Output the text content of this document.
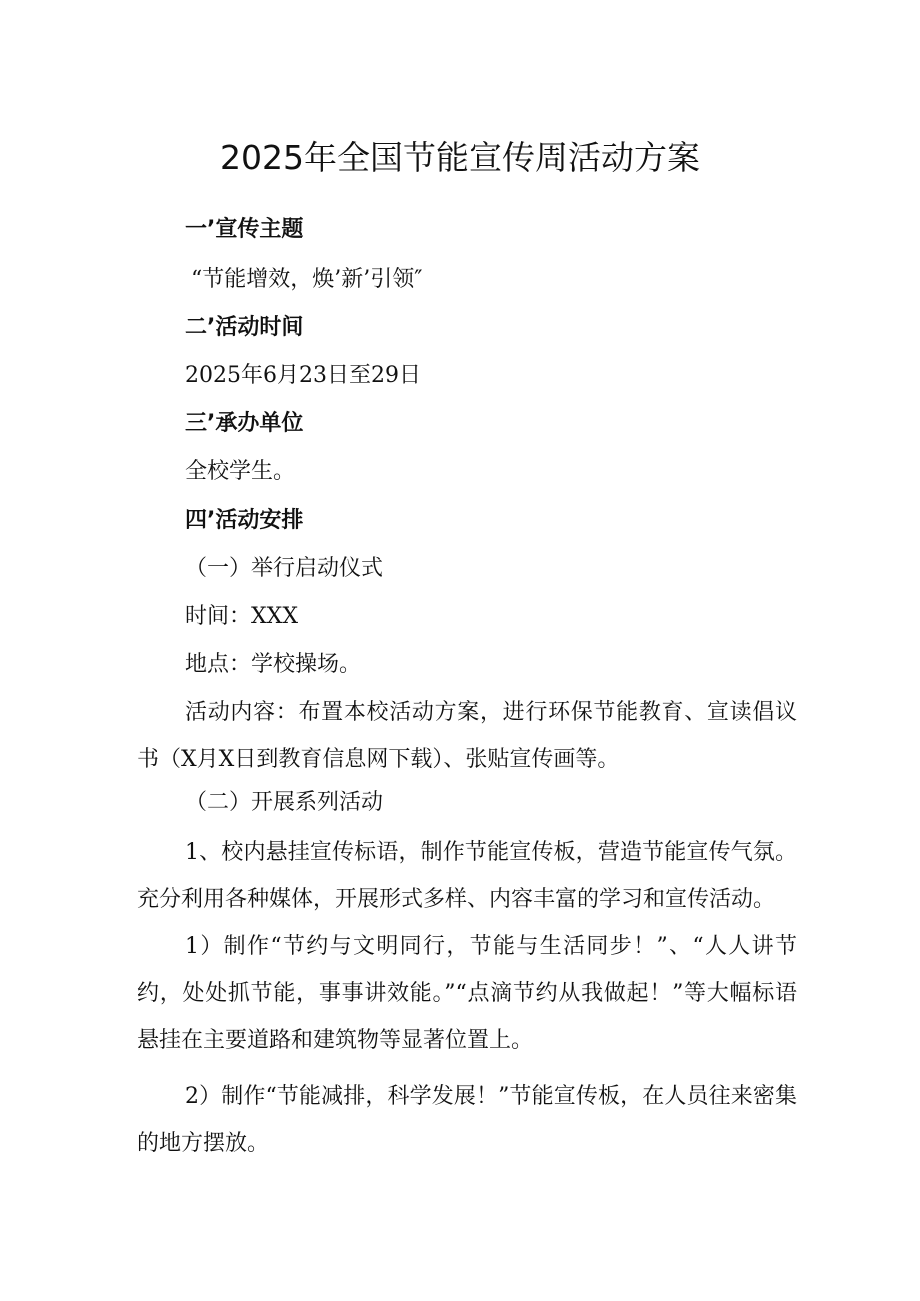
2025年全国节能宣传周活动方案
一’宣传主题
“节能增效，焕’新’引领″
二’活动时间
2025年6月23日至29日
三’承办单位
全校学生。
四’活动安排
（一）举行启动仪式
时间：XXX
地点：学校操场。
活动内容：布置本校活动方案，进行环保节能教育、宣读倡议书（X月X日到教育信息网下载）、张贴宣传画等。
（二）开展系列活动
1、校内悬挂宣传标语，制作节能宣传板，营造节能宣传气氛。充分利用各种媒体，开展形式多样、内容丰富的学习和宣传活动。
1）制作“节约与文明同行，节能与生活同步！”、“人人讲节约，处处抓节能，事事讲效能。”“点滴节约从我做起！”等大幅标语悬挂在主要道路和建筑物等显著位置上。
2）制作“节能减排，科学发展！”节能宣传板，在人员往来密集的地方摆放。
